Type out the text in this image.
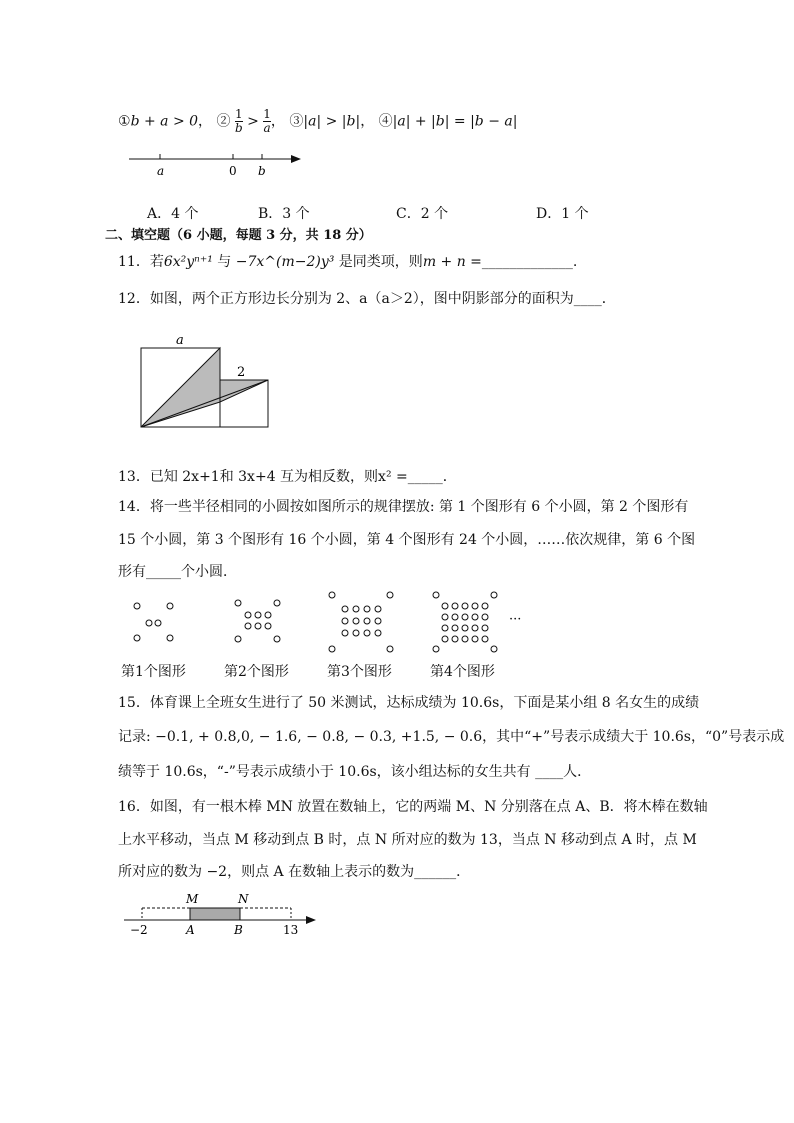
①b + a > 0， ② $\frac{1}{b} > \frac{1}{a}$ ， ③|a| > |b|， ④|a| + |b| = |b − a|
a	0 b
A．4 个	B．3 个	C．2 个	D．1 个
二、填空题（6 小题，每题 3 分，共 18 分）
11．若6x²yⁿ⁺¹ 与 −7x^(m−2)y³ 是同类项，则m + n =_____________.
12．如图，两个正方形边长分别为 2、a（a＞2），图中阴影部分的面积为____．
a
2
13．已知 2x+1和 3x+4 互为相反数，则x² =_____．
14．将一些半径相同的小圆按如图所示的规律摆放: 第 1 个图形有 6 个小圆，第 2 个图形有
15 个小圆，第 3 个图形有 16 个小圆，第 4 个图形有 24 个小圆，……依次规律，第 6 个图
形有_____个小圆．
···
第1个图形	第2个图形	第3个图形	第4个图形
15．体育课上全班女生进行了 50 米测试，达标成绩为 10.6s，下面是某小组 8 名女生的成绩
记录: −0.1, + 0.8,0, − 1.6, − 0.8, − 0.3, +1.5, − 0.6，其中“+”号表示成绩大于 10.6s，“0”号表示成
绩等于 10.6s，“-”号表示成绩小于 10.6s，该小组达标的女生共有 ____人．
16．如图，有一根木棒 MN 放置在数轴上，它的两端 M、N 分别落在点 A、B．将木棒在数轴
上水平移动，当点 M 移动到点 B 时，点 N 所对应的数为 13，当点 N 移动到点 A 时，点 M
所对应的数为 −2，则点 A 在数轴上表示的数为______．
M	N
−2	A	B	13
